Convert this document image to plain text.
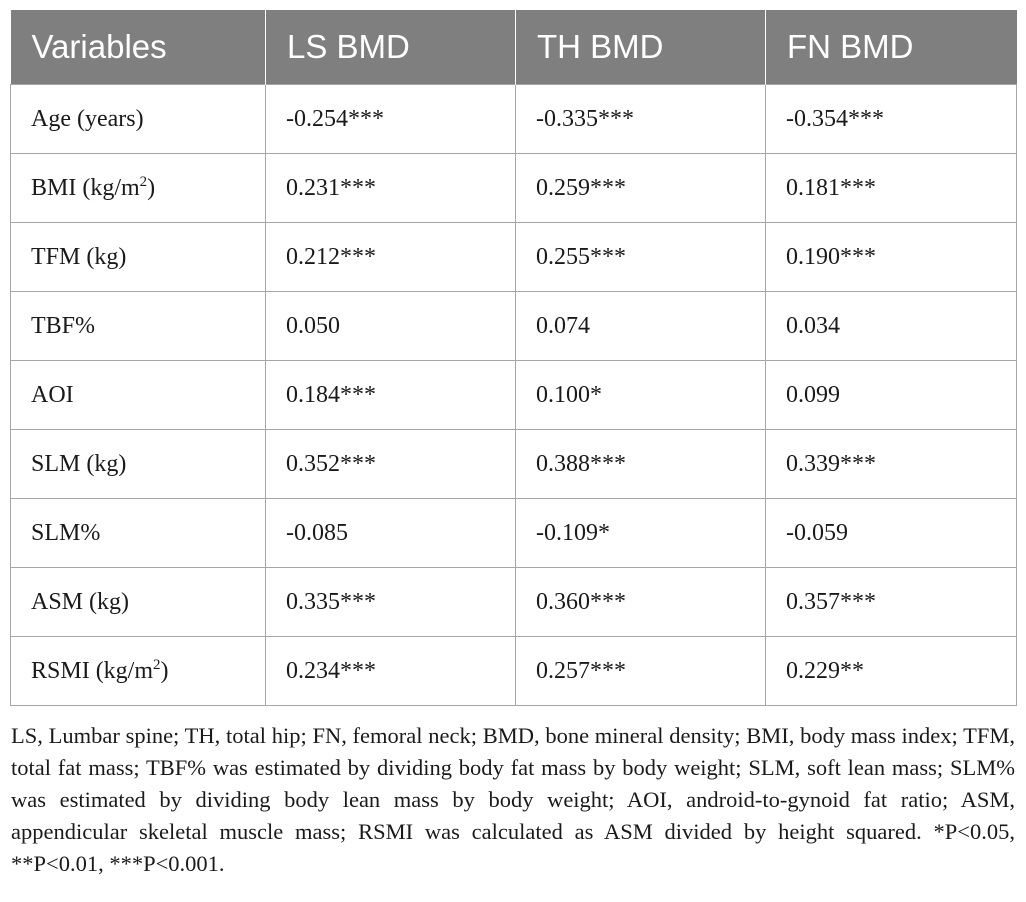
Variables	LS BMD	TH BMD	FN BMD
Age (years)	-0.254***	-0.335***	-0.354***
BMI $(kg/m^2)$	0.231***	0.259***	0.181***
TFM (kg)	0.212***	0.255***	0.190***
TBF%	0.050	0.074	0.034
AOI	0.184***	0.100*	0.099
SLM (kg)	0.352***	0.388***	0.339***
SLM%	-0.085	-0.109*	-0.059
ASM (kg)	0.335***	0.360***	0.357***
RSMI $(kg/m^2)$	0.234***	0.257***	0.229**
LS, Lumbar spine; TH, total hip; FN, femoral neck; BMD, bone mineral density; BMI, body mass index; TFM, total fat mass; TBF% was estimated by dividing body fat mass by body weight; SLM, soft lean mass; SLM% was estimated by dividing body lean mass by body weight; AOI, android-to-gynoid fat ratio; ASM, appendicular skeletal muscle mass; RSMI was calculated as ASM divided by height squared. *P<0.05, **P<0.01, ***P<0.001.
